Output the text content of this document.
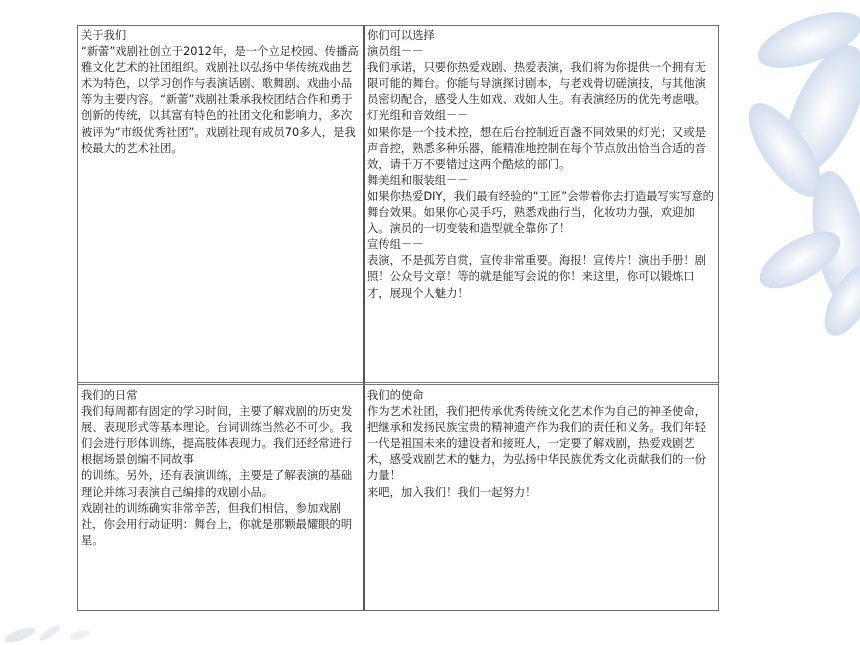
关于我们

“新蕾”戏剧社创立于2012年，是一个立足校园、传播高雅文化艺术的社团组织。戏剧社以弘扬中华传统戏曲艺术为特色，以学习创作与表演话剧、歌舞剧、戏曲小品等为主要内容。“新蕾”戏剧社秉承我校团结合作和勇于创新的传统，以其富有特色的社团文化和影响力，多次被评为“市级优秀社团”。戏剧社现有成员70多人，是我校最大的艺术社团。

你们可以选择

演员组－－

我们承诺，只要你热爱戏剧、热爱表演，我们将为你提供一个拥有无限可能的舞台。你能与导演探讨剧本，与老戏骨切磋演技，与其他演员密切配合，感受人生如戏、戏如人生。有表演经历的优先考虑哦。

灯光组和音效组－－

如果你是一个技术控，想在后台控制近百盏不同效果的灯光；又或是声音控，熟悉多种乐器，能精准地控制在每个节点放出恰当合适的音效，请千万不要错过这两个酷炫的部门。

舞美组和服装组－－

如果你热爱DIY，我们最有经验的“工匠”会带着你去打造最写实写意的舞台效果。如果你心灵手巧，熟悉戏曲行当，化妆功力强，欢迎加入。演员的一切变装和造型就全靠你了！

宣传组－－

表演，不是孤芳自赏，宣传非常重要。海报！宣传片！演出手册！剧照！公众号文章！等的就是能写会说的你！来这里，你可以锻炼口才，展现个人魅力！

我们的日常

我们每周都有固定的学习时间，主要了解戏剧的历史发展、表现形式等基本理论。台词训练当然必不可少。我们会进行形体训练，提高肢体表现力。我们还经常进行根据场景创编不同故事

的训练。另外，还有表演训练，主要是了解表演的基础理论并练习表演自己编排的戏剧小品。

戏剧社的训练确实非常辛苦，但我们相信，参加戏剧社，你会用行动证明：舞台上，你就是那颗最耀眼的明星。

我们的使命

作为艺术社团，我们把传承优秀传统文化艺术作为自己的神圣使命，把继承和发扬民族宝贵的精神遗产作为我们的责任和义务。我们年轻一代是祖国未来的建设者和接班人，一定要了解戏剧，热爱戏剧艺术，感受戏剧艺术的魅力，为弘扬中华民族优秀文化贡献我们的一份力量！

来吧，加入我们！我们一起努力！
